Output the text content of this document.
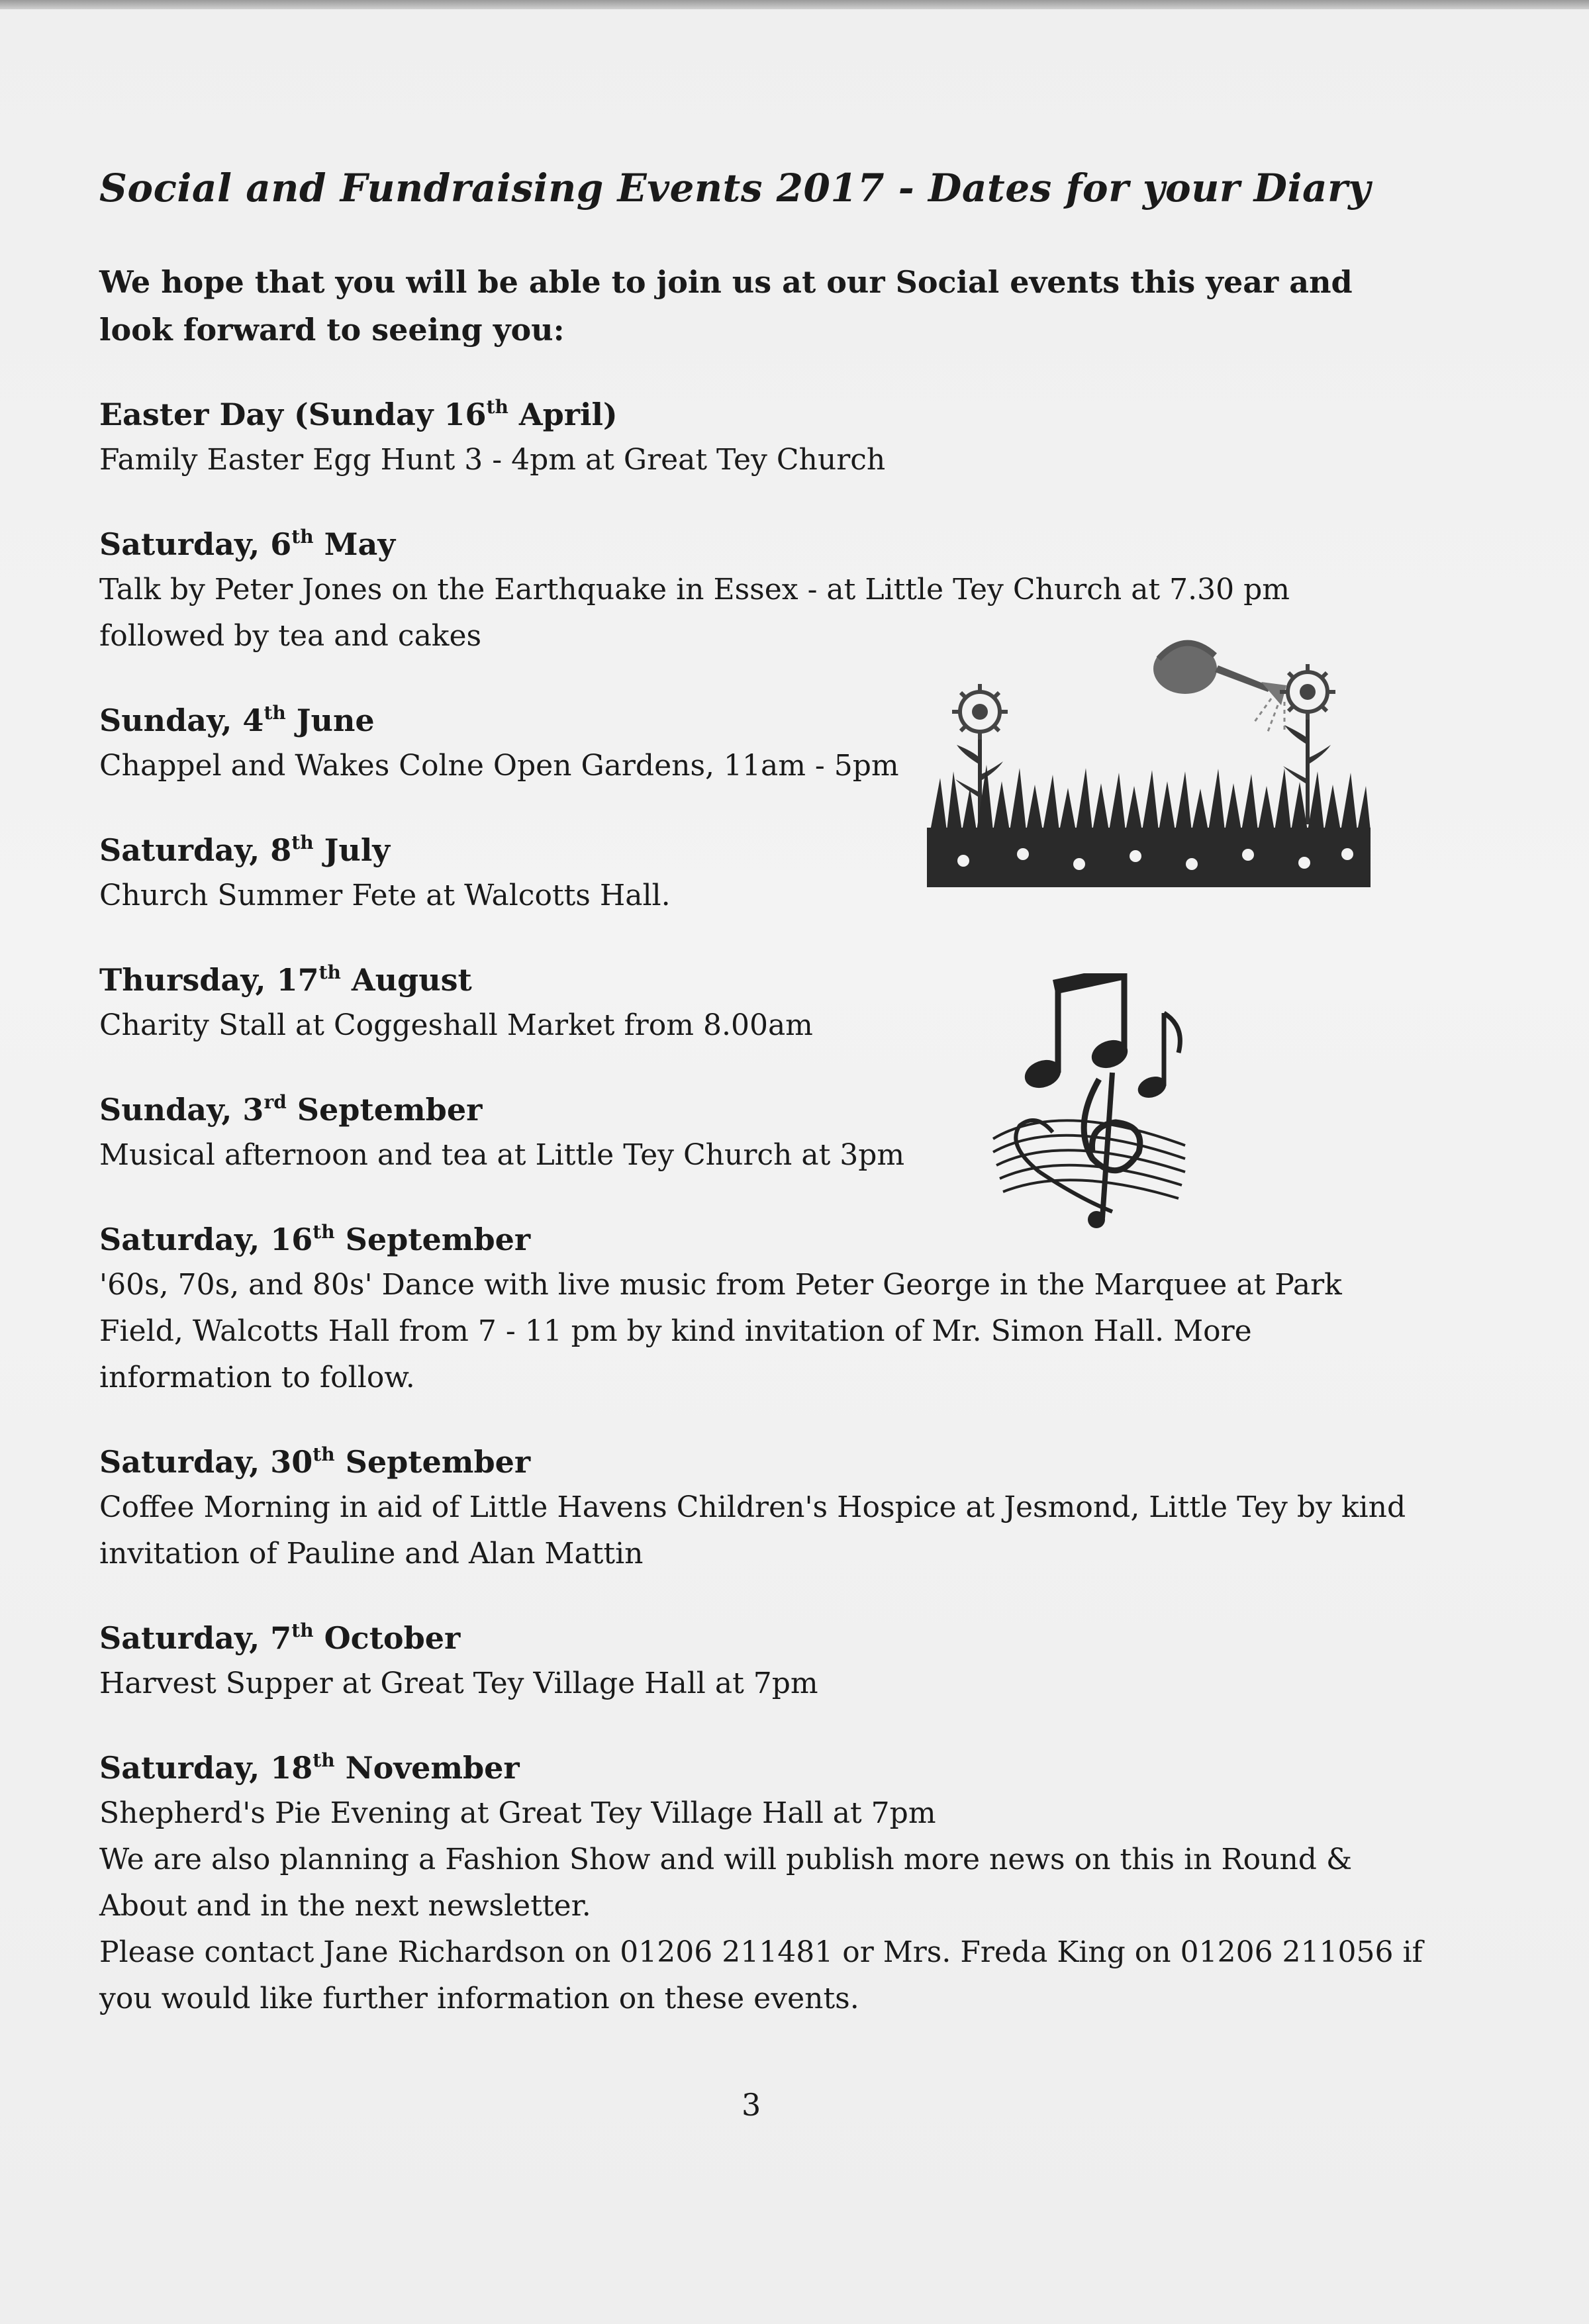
Social and Fundraising Events 2017 - Dates for your Diary
We hope that you will be able to join us at our Social events this year and look forward to seeing you:
Easter Day (Sunday 16th April)
Family Easter Egg Hunt 3 - 4pm at Great Tey Church
Saturday, 6th May
Talk by Peter Jones on the Earthquake in Essex - at Little Tey Church at 7.30 pm followed by tea and cakes
Sunday, 4th June
Chappel and Wakes Colne Open Gardens, 11am - 5pm
Saturday, 8th July
Church Summer Fete at Walcotts Hall.
Thursday, 17th August
Charity Stall at Coggeshall Market from 8.00am
Sunday, 3rd September
Musical afternoon and tea at Little Tey Church at 3pm
Saturday, 16th September
'60s, 70s, and 80s' Dance with live music from Peter George in the Marquee at Park Field, Walcotts Hall from 7 - 11 pm by kind invitation of Mr. Simon Hall. More information to follow.
Saturday, 30th September
Coffee Morning in aid of Little Havens Children's Hospice at Jesmond, Little Tey by kind invitation of Pauline and Alan Mattin
Saturday, 7th October
Harvest Supper at Great Tey Village Hall at 7pm
Saturday, 18th November
Shepherd's Pie Evening at Great Tey Village Hall at 7pm
We are also planning a Fashion Show and will publish more news on this in Round & About and in the next newsletter.
Please contact Jane Richardson on 01206 211481 or Mrs. Freda King on 01206 211056 if you would like further information on these events.
3
